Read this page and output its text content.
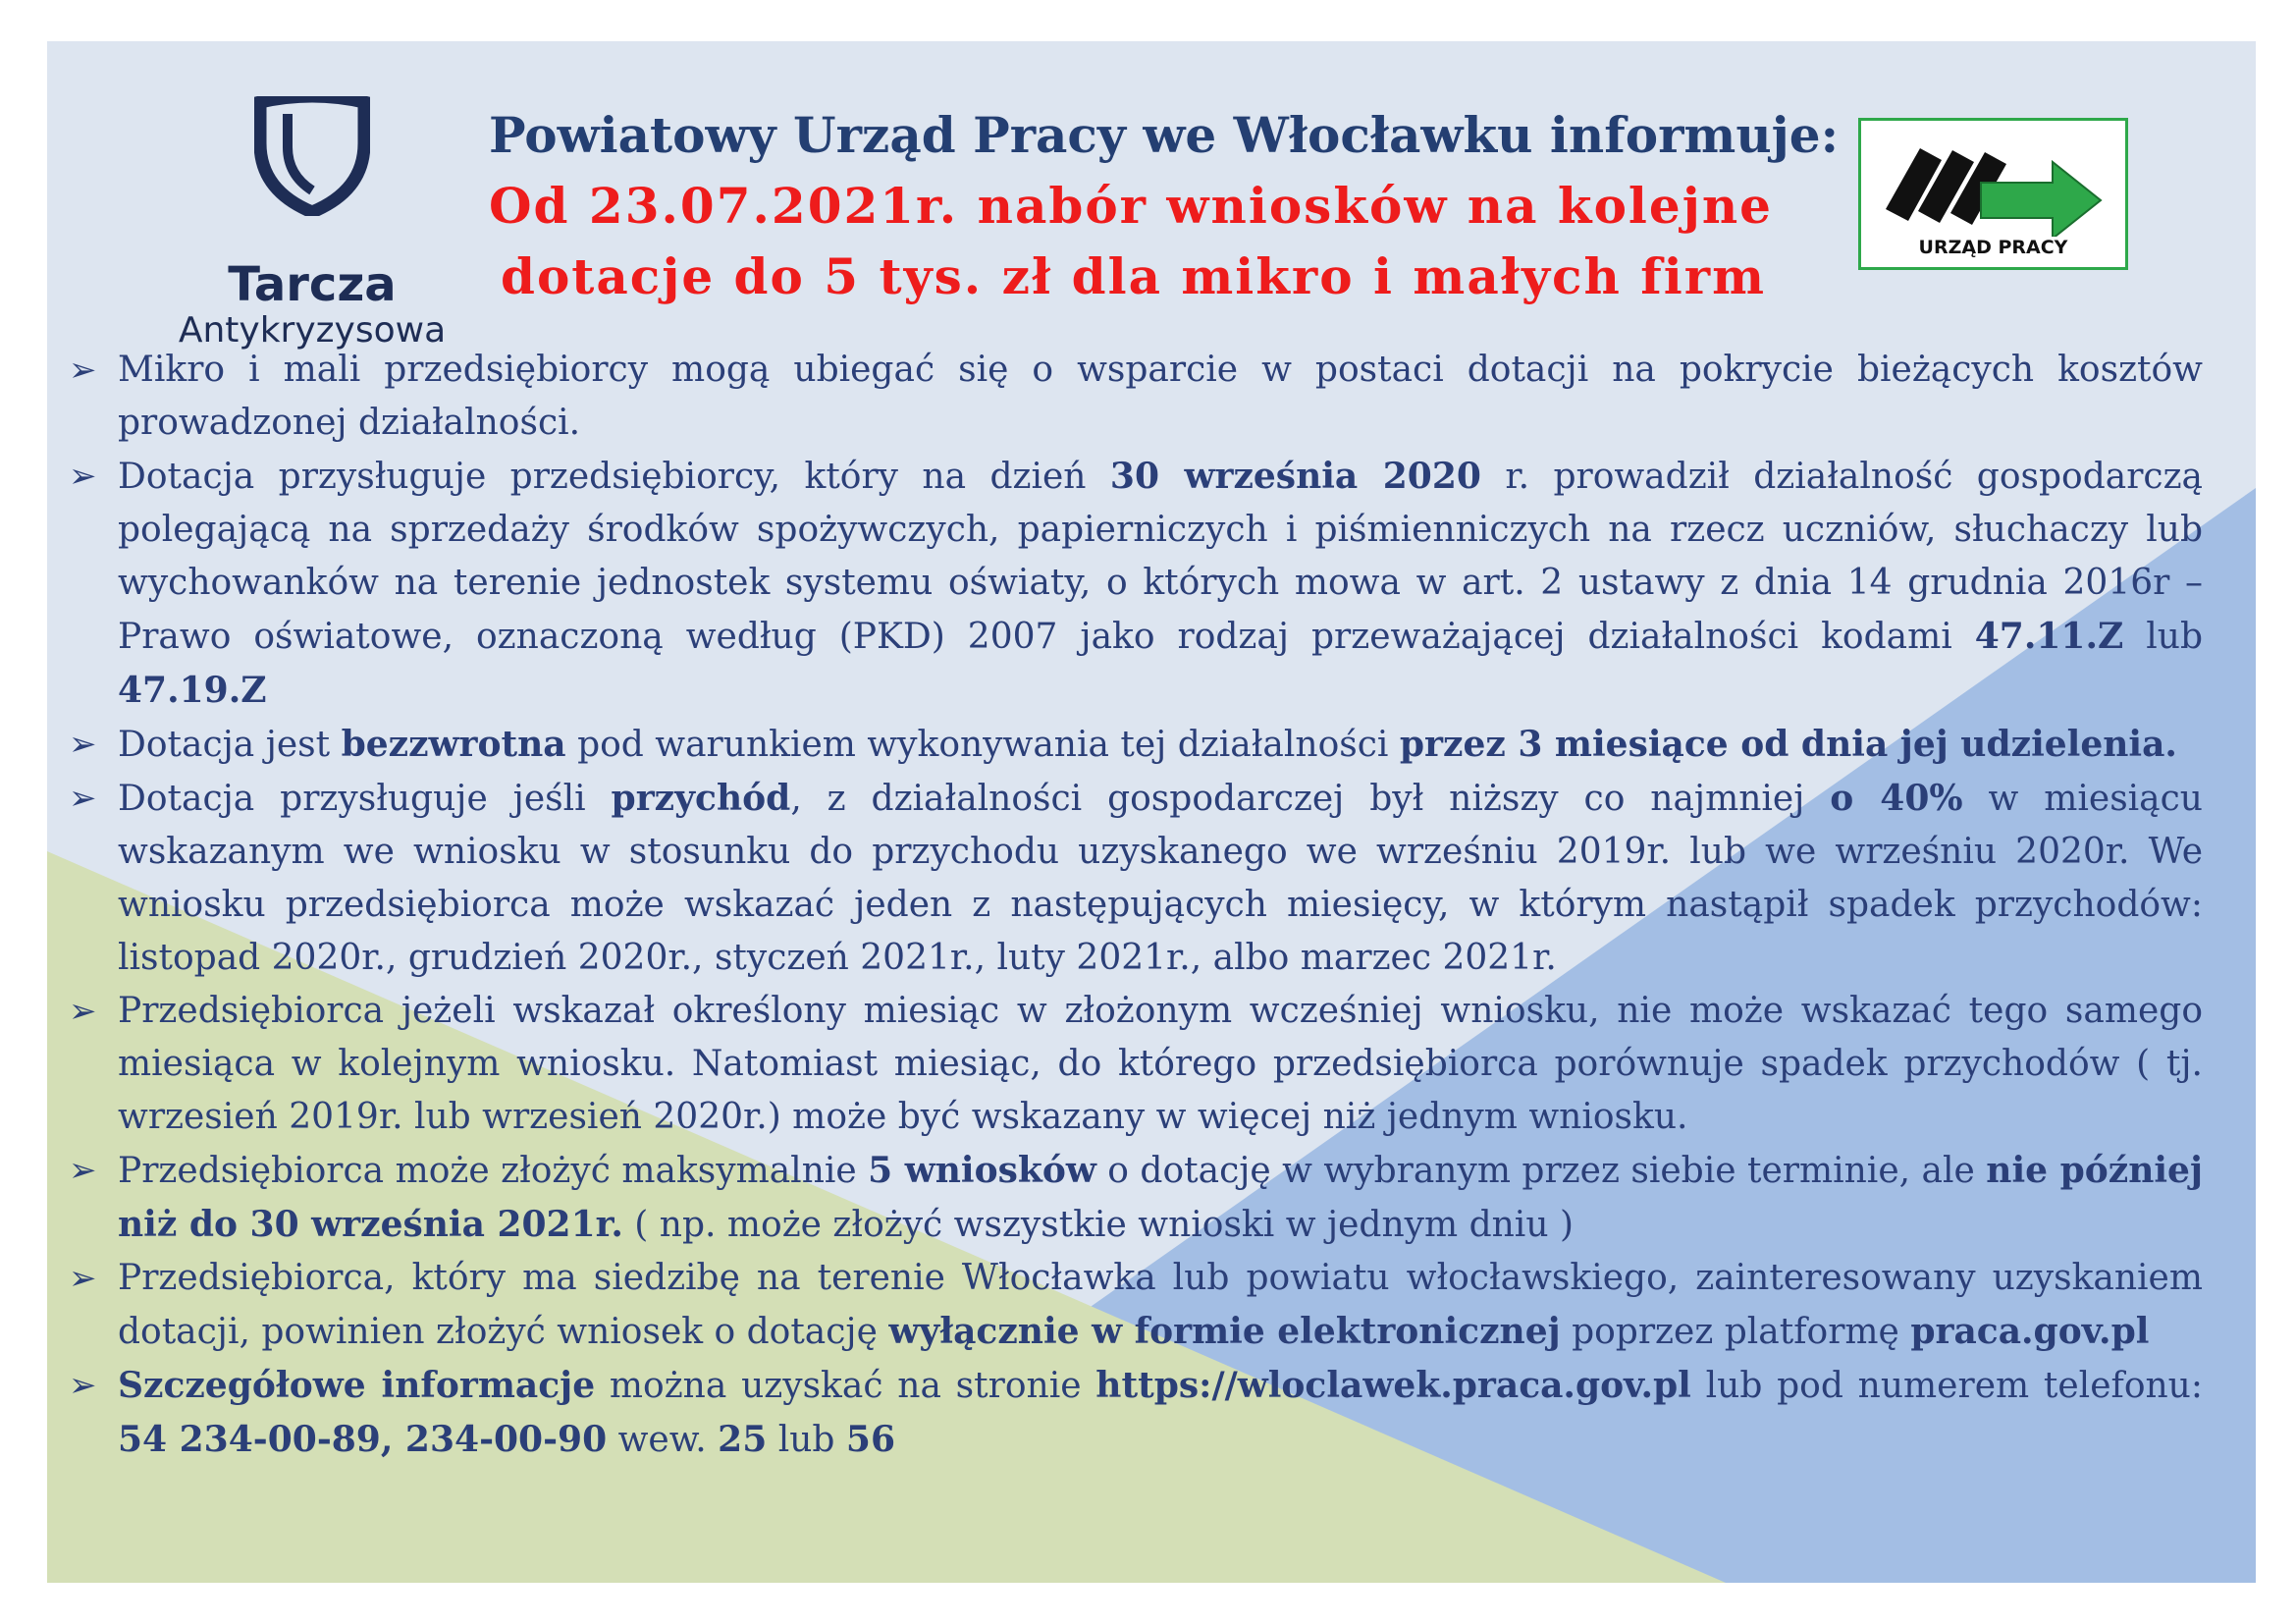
Tarcza
Antykryzysowa
Powiatowy Urząd Pracy we Włocławku informuje:
Od 23.07.2021r. nabór wniosków na kolejne
dotacje do 5 tys. zł dla mikro i małych firm	URZĄD PRACY
➢ Mikro i mali przedsiębiorcy mogą ubiegać się o wsparcie w postaci dotacji na pokrycie bieżących kosztów prowadzonej działalności.
➢ Dotacja przysługuje przedsiębiorcy, który na dzień 30 września 2020 r. prowadził działalność gospodarczą polegającą na sprzedaży środków spożywczych, papierniczych i piśmienniczych na rzecz uczniów, słuchaczy lub wychowanków na terenie jednostek systemu oświaty, o których mowa w art. 2 ustawy z dnia 14 grudnia 2016r – Prawo oświatowe, oznaczoną według (PKD) 2007 jako rodzaj przeważającej działalności kodami 47.11.Z lub 47.19.Z
➢ Dotacja jest bezzwrotna pod warunkiem wykonywania tej działalności przez 3 miesiące od dnia jej udzielenia.
➢ Dotacja przysługuje jeśli przychód, z działalności gospodarczej był niższy co najmniej o 40% w miesiącu wskazanym we wniosku w stosunku do przychodu uzyskanego we wrześniu 2019r. lub we wrześniu 2020r. We wniosku przedsiębiorca może wskazać jeden z następujących miesięcy, w którym nastąpił spadek przychodów: listopad 2020r., grudzień 2020r., styczeń 2021r., luty 2021r., albo marzec 2021r.
➢ Przedsiębiorca jeżeli wskazał określony miesiąc w złożonym wcześniej wniosku, nie może wskazać tego samego miesiąca w kolejnym wniosku. Natomiast miesiąc, do którego przedsiębiorca porównuje spadek przychodów ( tj. wrzesień 2019r. lub wrzesień 2020r.) może być wskazany w więcej niż jednym wniosku.
➢ Przedsiębiorca może złożyć maksymalnie 5 wniosków o dotację w wybranym przez siebie terminie, ale nie później niż do 30 września 2021r. ( np. może złożyć wszystkie wnioski w jednym dniu )
➢ Przedsiębiorca, który ma siedzibę na terenie Włocławka lub powiatu włocławskiego, zainteresowany uzyskaniem dotacji, powinien złożyć wniosek o dotację wyłącznie w formie elektronicznej poprzez platformę praca.gov.pl
➢ Szczegółowe informacje można uzyskać na stronie https://wloclawek.praca.gov.pl lub pod numerem telefonu: 54 234-00-89, 234-00-90 wew. 25 lub 56
